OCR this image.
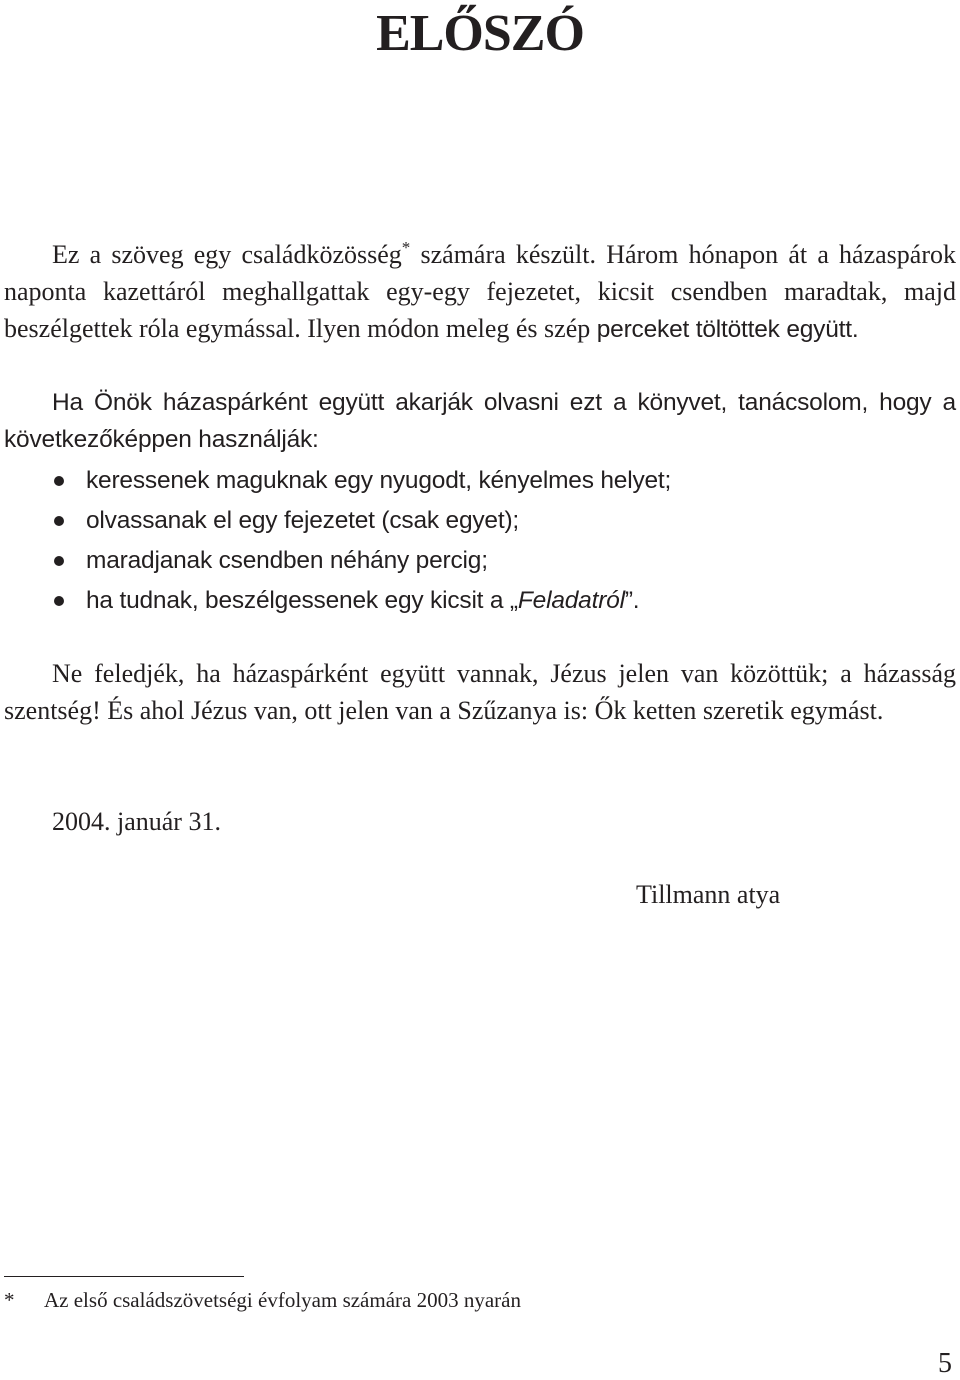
ELŐSZÓ

Ez a szöveg egy családközösség* számára készült. Három hónapon át a házaspárok naponta kazettáról meghallgattak egy-egy fejezetet, kicsit csendben maradtak, majd beszélgettek róla egymással. Ilyen módon meleg és szép perceket töltöttek együtt.

Ha Önök házaspárként együtt akarják olvasni ezt a könyvet, tanácsolom, hogy a következőképpen használják:

keressenek maguknak egy nyugodt, kényelmes helyet;
olvassanak el egy fejezetet (csak egyet);
maradjanak csendben néhány percig;
ha tudnak, beszélgessenek egy kicsit a „Feladatról”.

Ne feledjék, ha házaspárként együtt vannak, Jézus jelen van közöttük; a házasság szentség! És ahol Jézus van, ott jelen van a Szűzanya is: Ők ketten szeretik egymást.

2004. január 31.

Tillmann atya

* Az első családszövetségi évfolyam számára 2003 nyarán

5
